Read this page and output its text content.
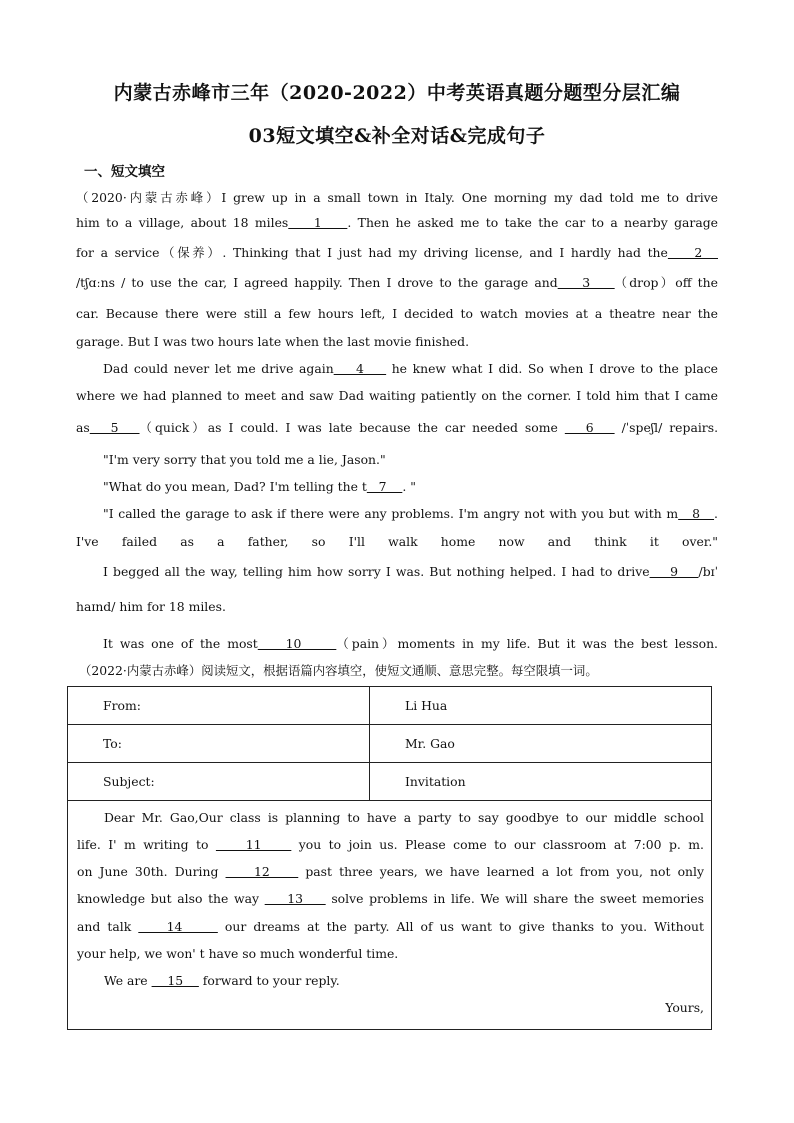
内蒙古赤峰市三年（2020-2022）中考英语真题分题型分层汇编
03短文填空&补全对话&完成句子
一、短文填空
（2020·内蒙古赤峰）I grew up in a small town in Italy. One morning my dad told me to drive
him to a village, about 18 miles    1    . Then he asked me to take the car to a nearby garage
for a service（保养）. Thinking that I just had my driving license, and I hardly had the    2
/tʃɑːns / to use the car, I agreed happily. Then I drove to the garage and    3    （drop）off the
car. Because there were still a few hours left, I decided to watch movies at a theatre near the
garage. But I was two hours late when the last movie finished.
Dad could never let me drive again    4     he knew what I did. So when I drove to the place
where we had planned to meet and saw Dad waiting patiently on the corner. I told him that I came
as   5   （quick）as I could. I was late because the car needed some    6    /ˈspeʃl/ repairs.
"I'm very sorry that you told me a lie, Jason."
"What do you mean, Dad? I'm telling the t   7    . "
"I called the garage to ask if there were any problems. I'm angry not with you but with m   8   .
I've failed as a father, so I'll walk home now and think it over."
I begged all the way, telling him how sorry I was. But nothing helped. I had to drive    9    /bɪˈ
haɪnd/ him for 18 miles.
It was one of the most    10     （pain）moments in my life. But it was the best lesson.
（2022·内蒙古赤峰）阅读短文，根据语篇内容填空，使短文通顺、意思完整。每空限填一词。
From:	Li Hua
To:	Mr. Gao
Subject:	Invitation
Dear Mr. Gao,Our class is planning to have a party to say goodbye to our middle school
life. I' m writing to     11     you to join us. Please come to our classroom at 7:00 p. m.
on June 30th. During     12     past three years, we have learned a lot from you, not only
knowledge but also the way     13     solve problems in life. We will share the sweet memories
and talk     14      our dreams at the party. All of us want to give thanks to you. Without
your help, we won' t have so much wonderful time.
We are     15     forward to your reply.
Yours,
